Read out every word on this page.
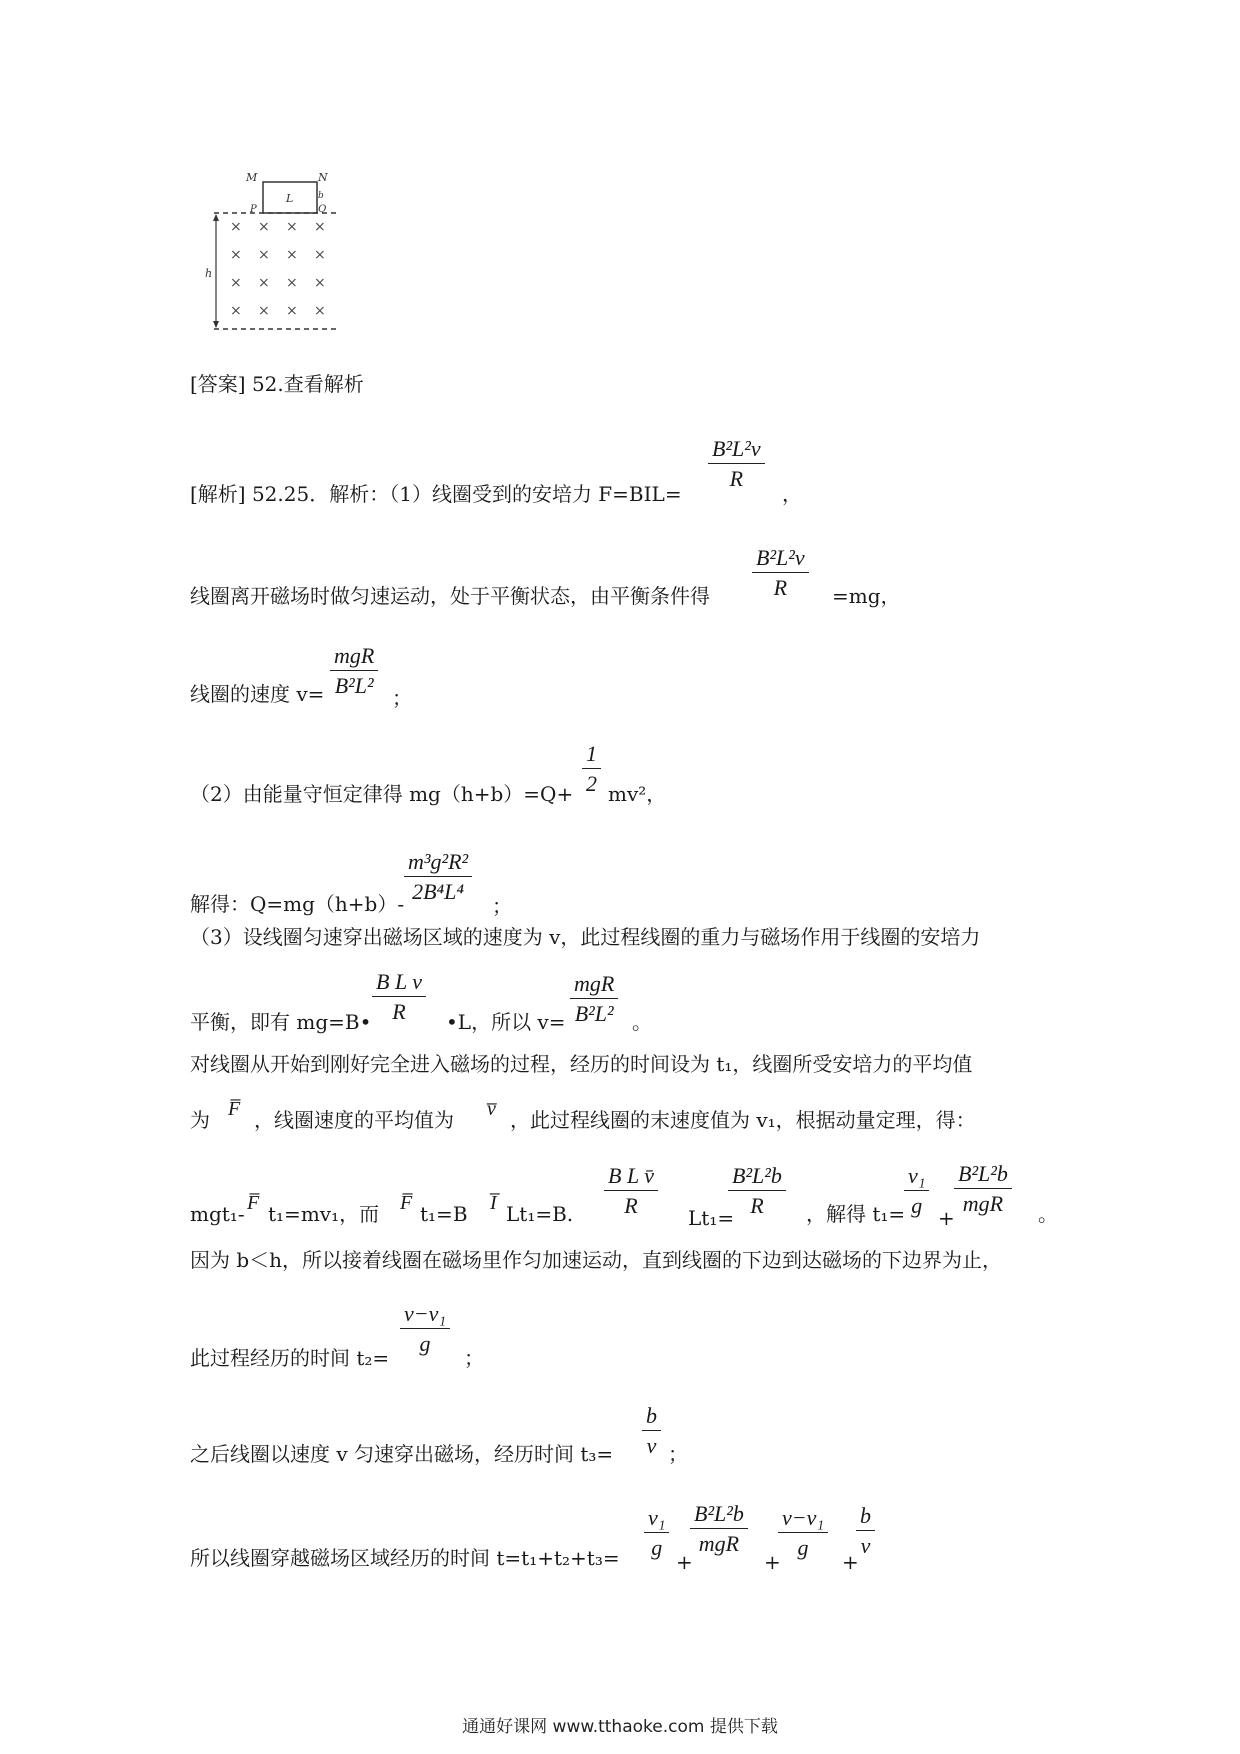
M	N
L
P
b
Q
h
× × × ×
× × × ×
× × × ×
× × × ×
[答案] 52.查看解析
[解析] 52.25．解析：（1）线圈受到的安培力 $F=BIL= \frac{\text{B²L²v}}{R}$ ，
线圈离开磁场时做匀速运动，处于平衡状态，由平衡条件得 $\frac{\text{B²L²v}}{R} =mg$，
线圈的速度 v=
mgR
B²L² ；
（2）由能量守恒定律得 $mg(h+b)=Q+ \frac{1}{2} mv^2$，
解得：$Q=mg(h+b)- \frac{\text{m³g²R²}}{\text{2B⁴L⁴}}$ ；
（3）设线圈匀速穿出磁场区域的速度为 v，此过程线圈的重力与磁场作用于线圈的安培力
平衡，即有 mg=B• $\frac{\text{B L v}}{R}$ •L，所以 v=
mgR
B²L² 。
对线圈从开始到刚好完全进入磁场的过程，经历的时间设为 t₁，线圈所受安培力的平均值
为 F̅ ，线圈速度的平均值为 v̅ ，此过程线圈的末速度值为 v₁，根据动量定理，得：
mgt₁- F̅ t₁=mv₁，而 F̅ t₁=B I̅ Lt₁=B. $\frac{\text{B L v̄}}{R} Lt_1=$
$\frac{\text{B²L²b}}{R}$ ，解得 t₁=
$\frac{\text{v₁}}{g}$ +
B²L²b
mgR	。
因为 b＜h，所以接着线圈在磁场里作匀加速运动，直到线圈的下边到达磁场的下边界为止，
此过程经历的时间 $t_2= \frac{\text{v−v₁}}{g}$ ；
之后线圈以速度 v 匀速穿出磁场，经历时间 $t_3= \frac{b}{v}$ ；
所以线圈穿越磁场区域经历的时间 $t=t_1+t_2+t_3= \frac{\text{v₁}}{g}$ +
B²L²b
mgR
+
$\frac{\text{v−v₁}}{g}$ +
$\frac{b}{v}$
通通好课网 www.tthaoke.com 提供下载
